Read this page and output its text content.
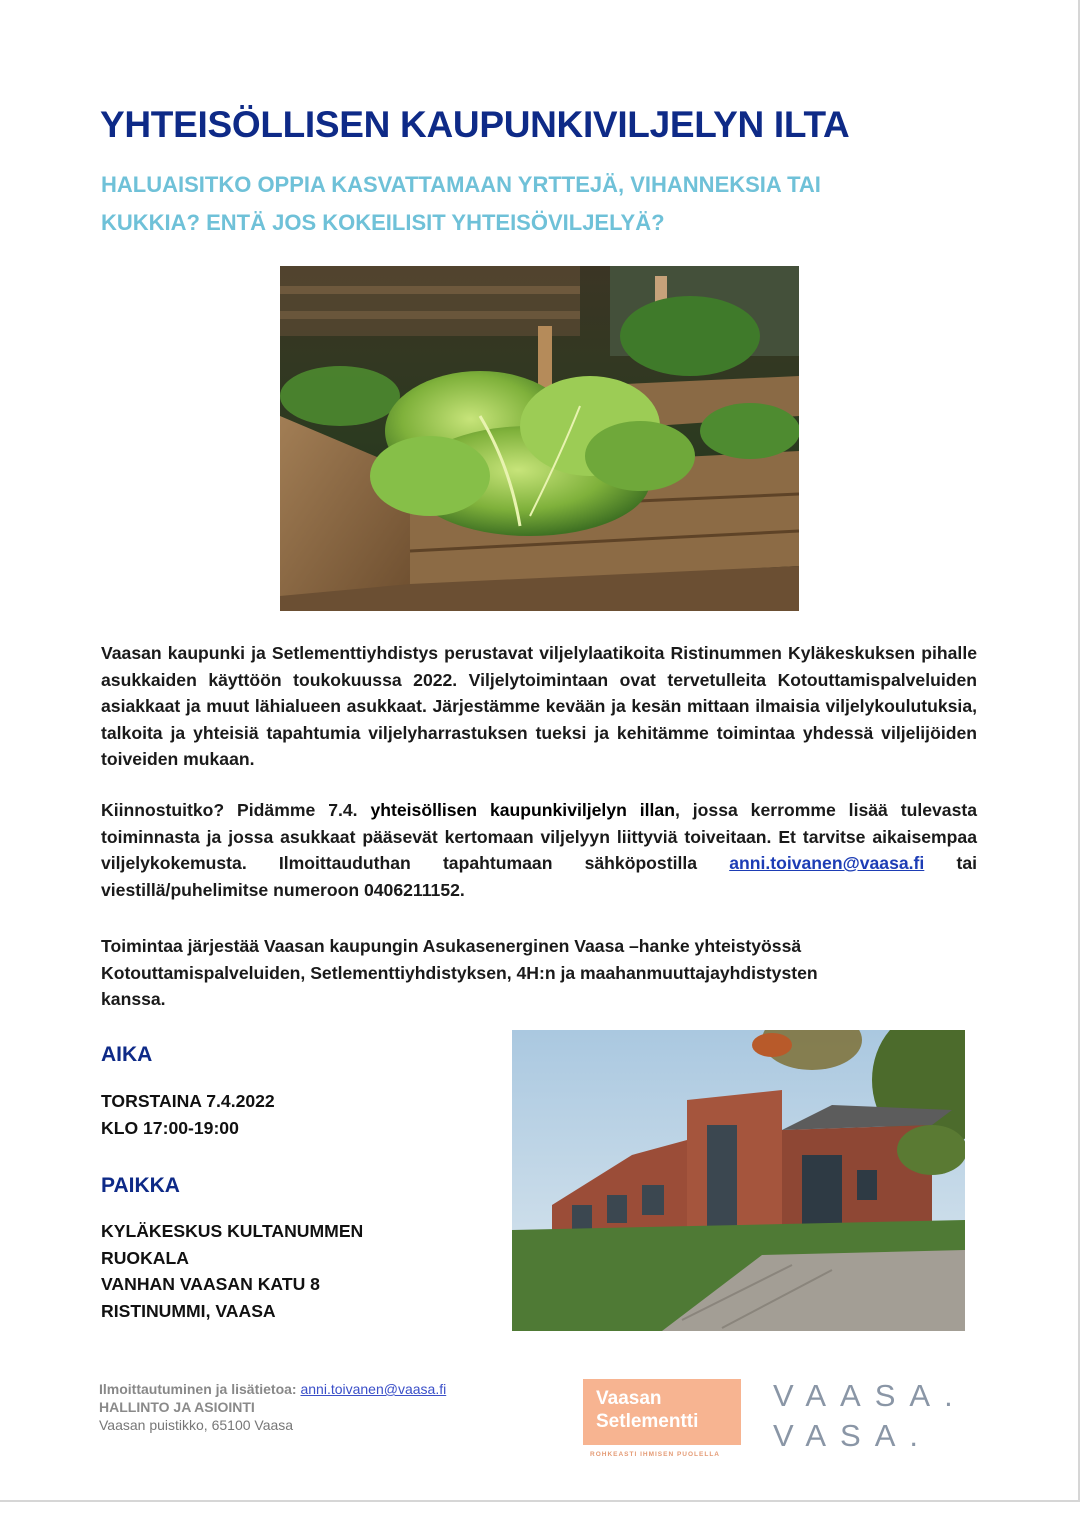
YHTEISÖLLISEN KAUPUNKIVILJELYN ILTA
HALUAISITKO OPPIA KASVATTAMAAN YRTTEJÄ, VIHANNEKSIA TAI
KUKKIA? ENTÄ JOS KOKEILISIT YHTEISÖVILJELYÄ?

Vaasan kaupunki ja Setlementtiyhdistys perustavat viljelylaatikoita Ristinummen Kyläkeskuksen pihalle asukkaiden käyttöön toukokuussa 2022. Viljelytoimintaan ovat tervetulleita Kotouttamispalveluiden asiakkaat ja muut lähialueen asukkaat. Järjestämme kevään ja kesän mittaan ilmaisia viljelykoulutuksia, talkoita ja yhteisiä tapahtumia viljelyharrastuksen tueksi ja kehitämme toimintaa yhdessä viljelijöiden toiveiden mukaan.

Kiinnostuitko? Pidämme 7.4. yhteisöllisen kaupunkiviljelyn illan, jossa kerromme lisää tulevasta toiminnasta ja jossa asukkaat pääsevät kertomaan viljelyyn liittyviä toiveitaan. Et tarvitse aikaisempaa viljelykokemusta. Ilmoittauduthan tapahtumaan sähköpostilla anni.toivanen@vaasa.fi tai viestillä/puhelimitse numeroon 0406211152.

Toimintaa järjestää Vaasan kaupungin Asukasenerginen Vaasa –hanke yhteistyössä
Kotouttamispalveluiden, Setlementtiyhdistyksen, 4H:n ja maahanmuuttajayhdistysten
kanssa.
AIKA
TORSTAINA 7.4.2022
KLO 17:00-19:00
PAIKKA
KYLÄKESKUS KULTANUMMEN
RUOKALA
VANHAN VAASAN KATU 8
RISTINUMMI, VAASA
Ilmoittautuminen ja lisätietoa: anni.toivanen@vaasa.fi
HALLINTO JA ASIOINTI
Vaasan puistikko, 65100 Vaasa
Vaasan
Setlementti
ROHKEASTI IHMISEN PUOLELLA
VAASA.
VASA.
